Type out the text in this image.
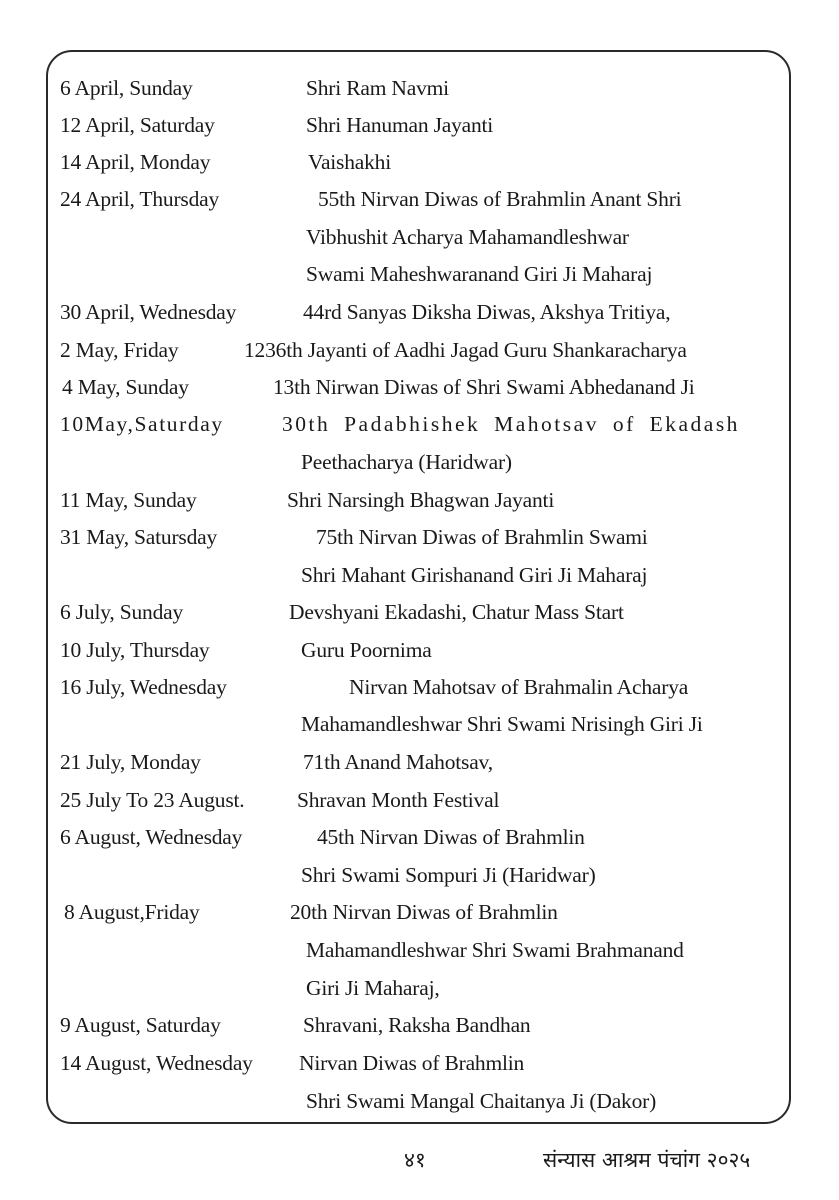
6 April, Sunday	Shri Ram Navmi
12 April, Saturday	Shri Hanuman Jayanti
14 April, Monday	Vaishakhi
24 April, Thursday	55th Nirvan Diwas of Brahmlin Anant Shri
Vibhushit Acharya Mahamandleshwar
Swami Maheshwaranand Giri Ji Maharaj
30 April, Wednesday	44rd Sanyas Diksha Diwas, Akshya Tritiya,
2 May, Friday	1236th Jayanti of Aadhi Jagad Guru Shankaracharya
4 May, Sunday	13th Nirwan Diwas of Shri Swami Abhedanand Ji
10May,Saturday	30th Padabhishek Mahotsav of Ekadash
Peethacharya (Haridwar)
11 May, Sunday	Shri Narsingh Bhagwan Jayanti
31 May, Satursday	75th Nirvan Diwas of Brahmlin Swami
Shri Mahant Girishanand Giri Ji Maharaj
6 July, Sunday	Devshyani Ekadashi, Chatur Mass Start
10 July, Thursday	Guru Poornima
16 July, Wednesday	Nirvan Mahotsav of Brahmalin Acharya
Mahamandleshwar Shri Swami Nrisingh Giri Ji
21 July, Monday	71th Anand Mahotsav,
25 July To 23 August. Shravan Month Festival
6 August, Wednesday	45th Nirvan Diwas of Brahmlin
Shri Swami Sompuri Ji (Haridwar)
8 August,Friday	20th Nirvan Diwas of Brahmlin
Mahamandleshwar Shri Swami Brahmanand
Giri Ji Maharaj,
9 August, Saturday	Shravani, Raksha Bandhan
14 August, Wednesday Nirvan Diwas of Brahmlin
Shri Swami Mangal Chaitanya Ji (Dakor)
४१	संन्यास आश्रम पंचांग २०२५
